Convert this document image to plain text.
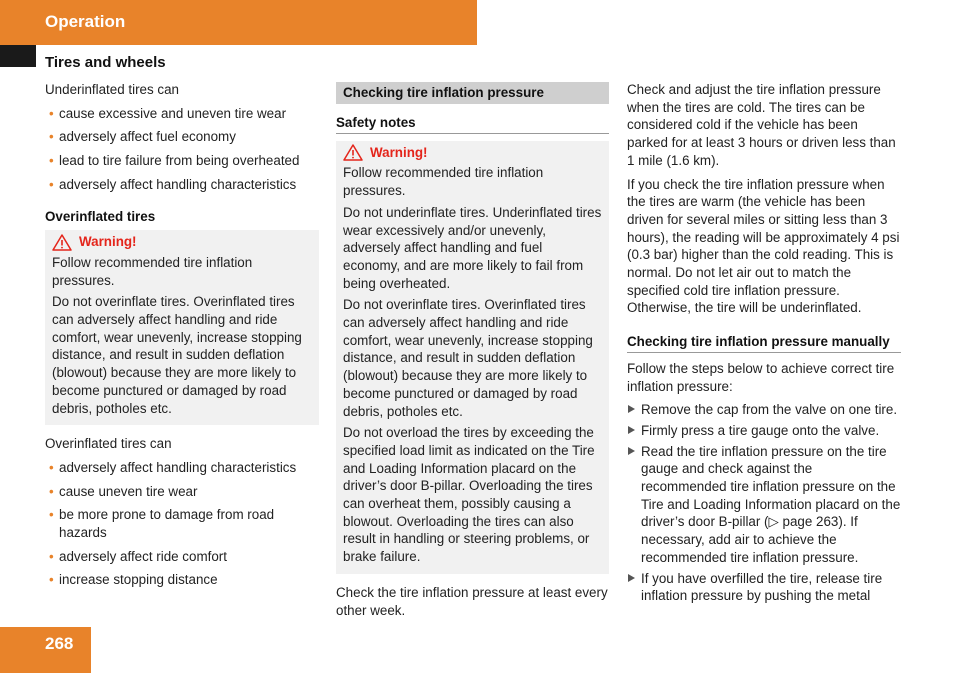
Operation
Tires and wheels

Underinflated tires can

• cause excessive and uneven tire wear
• adversely affect fuel economy
• lead to tire failure from being overheated
• adversely affect handling characteristics
Overinflated tires
Warning!

Follow recommended tire inflation pressures.

Do not overinflate tires. Overinflated tires can adversely affect handling and ride comfort, wear unevenly, increase stopping distance, and result in sudden deflation (blowout) because they are more likely to become punctured or damaged by road debris, potholes etc.

Overinflated tires can

• adversely affect handling characteristics
• cause uneven tire wear
• be more prone to damage from road hazards
• adversely affect ride comfort
• increase stopping distance
Checking tire inflation pressure
Safety notes
Warning!

Follow recommended tire inflation pressures.

Do not underinflate tires. Underinflated tires wear excessively and/or unevenly, adversely affect handling and fuel economy, and are more likely to fail from being overheated.

Do not overinflate tires. Overinflated tires can adversely affect handling and ride comfort, wear unevenly, increase stopping distance, and result in sudden deflation (blowout) because they are more likely to become punctured or damaged by road debris, potholes etc.

Do not overload the tires by exceeding the specified load limit as indicated on the Tire and Loading Information placard on the driver’s door B-pillar. Overloading the tires can overheat them, possibly causing a blowout. Overloading the tires can also result in handling or steering problems, or brake failure.

Check the tire inflation pressure at least every other week.

Check and adjust the tire inflation pressure when the tires are cold. The tires can be considered cold if the vehicle has been parked for at least 3 hours or driven less than 1 mile (1.6 km).

If you check the tire inflation pressure when the tires are warm (the vehicle has been driven for several miles or sitting less than 3 hours), the reading will be approximately 4 psi (0.3 bar) higher than the cold reading. This is normal. Do not let air out to match the specified cold tire inflation pressure. Otherwise, the tire will be underinflated.

Checking tire inflation pressure manually

Follow the steps below to achieve correct tire inflation pressure:

Remove the cap from the valve on one tire.
Firmly press a tire gauge onto the valve.
Read the tire inflation pressure on the tire gauge and check against the recommended tire inflation pressure on the Tire and Loading Information placard on the driver’s door B-pillar (▷ page 263). If necessary, add air to achieve the recommended tire inflation pressure.
If you have overfilled the tire, release tire inflation pressure by pushing the metal
268
